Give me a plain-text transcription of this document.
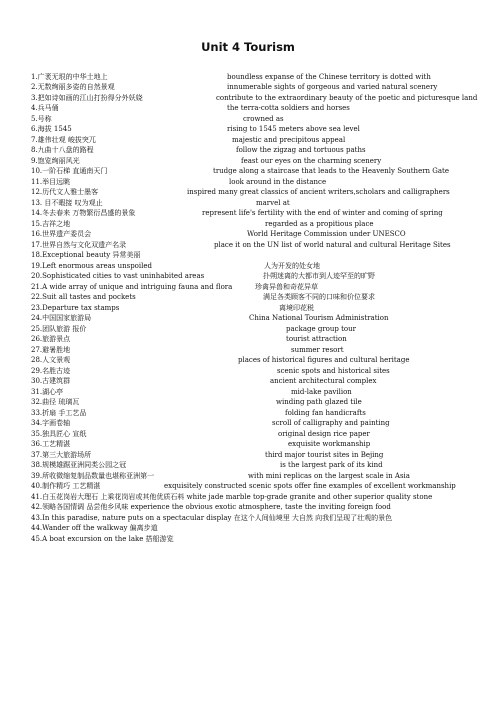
Unit 4 Tourism
1.广袤无垠的中华土地上	boundless expanse of the Chinese territory is dotted with
2.无数绚丽多姿的自然景观	innumerable sights of gorgeous and varied natural scenery
3.把如诗如画的江山打扮得分外妖娆	contribute to the extraordinary beauty of the poetic and picturesque land
4.兵马俑	the terra-cotta soldiers and horses
5.号称	crowned as
6.海拔 1545	rising to 1545 meters above sea level
7.雄伟壮观 峻拔突兀	majestic and precipitous appeal
8.九曲十八盘的路程	follow the zigzag and tortuous paths
9.饱览绚丽风光	feast our eyes on the charming scenery
10.一阶石梯 直通南天门	trudge along a staircase that leads to the Heavenly Southern Gate
11.举目远眺	look around in the distance
12.历代文人雅士墨客	inspired many great classics of ancient writers,scholars and calligraphers
13. 目不暇接 叹为观止	marvel at
14.冬去春来 万物繁衍昌盛的景象	represent life's fertility with the end of winter and coming of spring
15.吉祥之地	regarded as a propitious place
16.世界遗产委员会	World Heritage Commission under UNESCO
17.世界自然与文化双遗产名录	place it on the UN list of world natural and cultural Heritage Sites
18.Exceptional beauty 异常美丽
19.Left enormous areas unspoiled	人为开发的处女地
20.Sophisticated cities to vast uninhabited areas	扑朔迷离的大都市到人迹罕至的旷野
21.A wide array of unique and intriguing fauna and flora	珍禽异兽和奇花异草
22.Suit all tastes and pockets	满足各类顾客不同的口味和价位要求
23.Departure tax stamps	离境印花税
24.中国国家旅游局	China National Tourism Administration
25.团队旅游 报价	package group tour
26.旅游景点	tourist attraction
27.避暑胜地	summer resort
28.人文景观	places of historical figures and cultural heritage
29.名胜古迹	scenic spots and historical sites
30.古建筑群	ancient architectural complex
31.湖心亭	mid-lake pavilion
32.曲径 琉璃瓦	winding path glazed tile
33.折扇 手工艺品	folding fan handicrafts
34.字画卷轴	scroll of calligraphy and painting
35.独具匠心 宣纸	original design rice paper
36.工艺精湛	exquisite workmanship
37.第三大旅游场所	third major tourist sites in Bejing
38.规模雄踞亚洲同类公园之冠	is the largest park of its kind
39.所收微缩复制品数量也堪称亚洲第一	with mini replicas on the largest scale in Asia
40.制作精巧 工艺精湛	exquisitely constructed scenic spots offer fine examples of excellent workmanship
41.白玉花岗岩大理石 上乘花岗岩或其他优质石料 white jade marble top-grade granite and other superior quality stone
42.领略各国情调 品尝他乡风味 experience the obvious exotic atmosphere, taste the inviting foreign food
43.In this paradise, nature puts on a spectacular display 在这个人间仙境里 大自然 向我们呈现了壮观的景色
44.Wander off the walkway 偏离步道
45.A boat excursion on the lake 搭船游览
